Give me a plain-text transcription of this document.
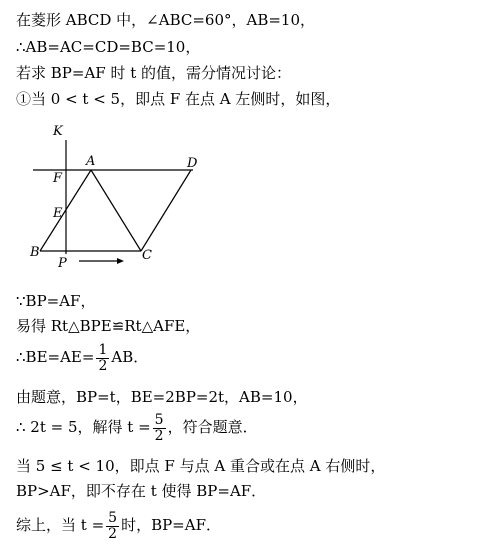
在菱形 ABCD 中，∠ABC=60°，AB=10，
∴AB=AC=CD=BC=10，
若求 BP=AF 时 t 的值，需分情况讨论：
①当 0 < t < 5，即点 F 在点 A 左侧时，如图，
K
A	D
F
E
B
P
C
∵BP=AF，
易得 Rt△BPE≌Rt△AFE，
∴BE=AE= $\frac{1}{2}$ AB．
由题意，BP=t，BE=2BP=2t，AB=10，
∴ 2t = 5，解得 $t = \frac{5}{2}$ ，符合题意．
当 5 ≤ t < 10，即点 F 与点 A 重合或在点 A 右侧时，
BP>AF，即不存在 t 使得 BP=AF．
综上，当 $t = \frac{5}{2}$ 时，BP=AF．
